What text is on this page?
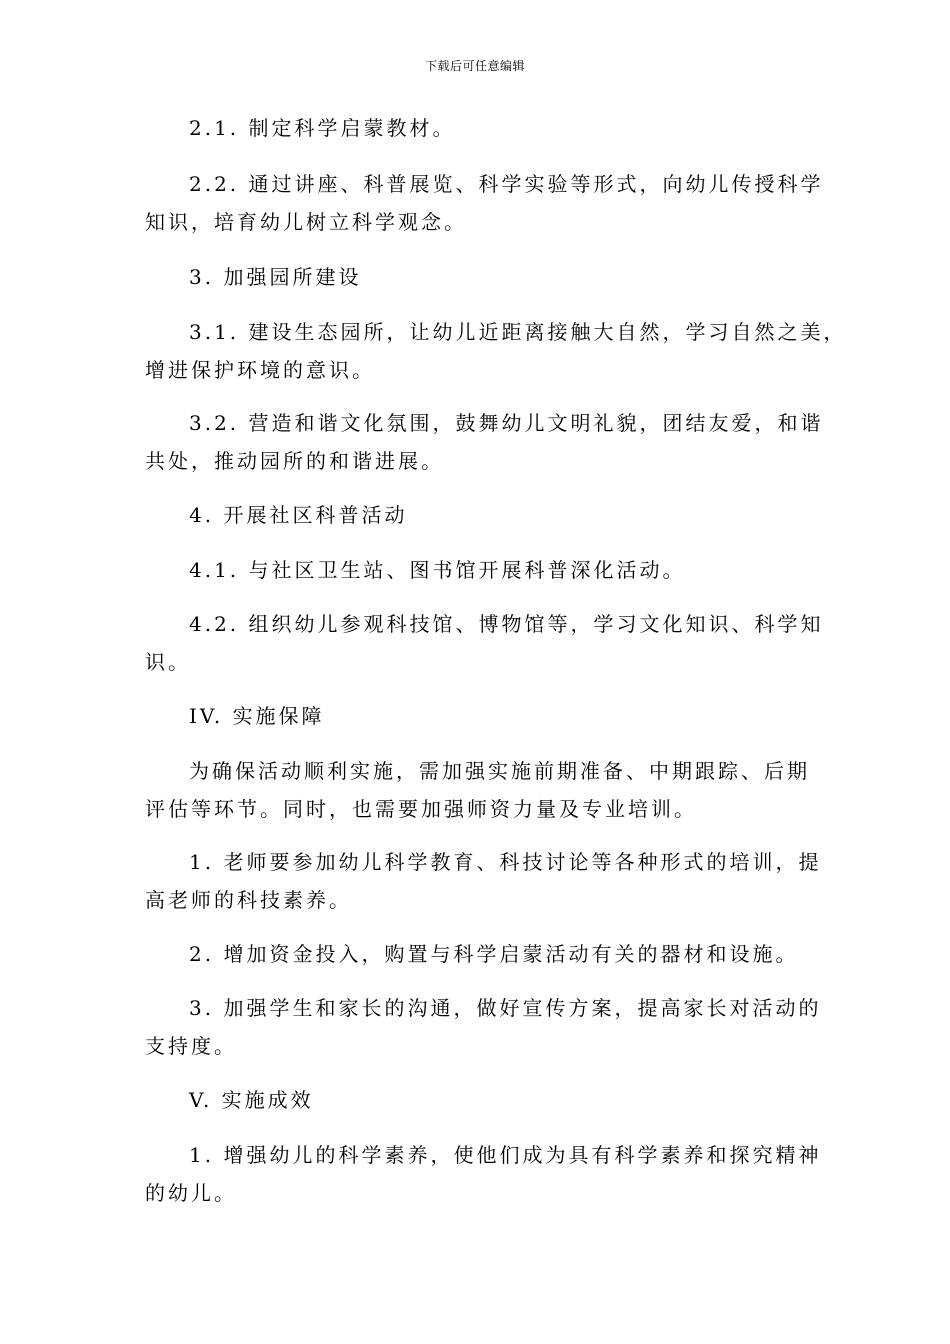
下载后可任意编辑
2.1. 制定科学启蒙教材。
2.2. 通过讲座、科普展览、科学实验等形式，向幼儿传授科学
知识，培育幼儿树立科学观念。
3. 加强园所建设
3.1. 建设生态园所，让幼儿近距离接触大自然，学习自然之美，
增进保护环境的意识。
3.2. 营造和谐文化氛围，鼓舞幼儿文明礼貌，团结友爱，和谐
共处，推动园所的和谐进展。
4. 开展社区科普活动
4.1. 与社区卫生站、图书馆开展科普深化活动。
4.2. 组织幼儿参观科技馆、博物馆等，学习文化知识、科学知
识。
IV. 实施保障
为确保活动顺利实施，需加强实施前期准备、中期跟踪、后期
评估等环节。同时，也需要加强师资力量及专业培训。
1. 老师要参加幼儿科学教育、科技讨论等各种形式的培训，提
高老师的科技素养。
2. 增加资金投入，购置与科学启蒙活动有关的器材和设施。
3. 加强学生和家长的沟通，做好宣传方案，提高家长对活动的
支持度。
V. 实施成效
1. 增强幼儿的科学素养，使他们成为具有科学素养和探究精神
的幼儿。
